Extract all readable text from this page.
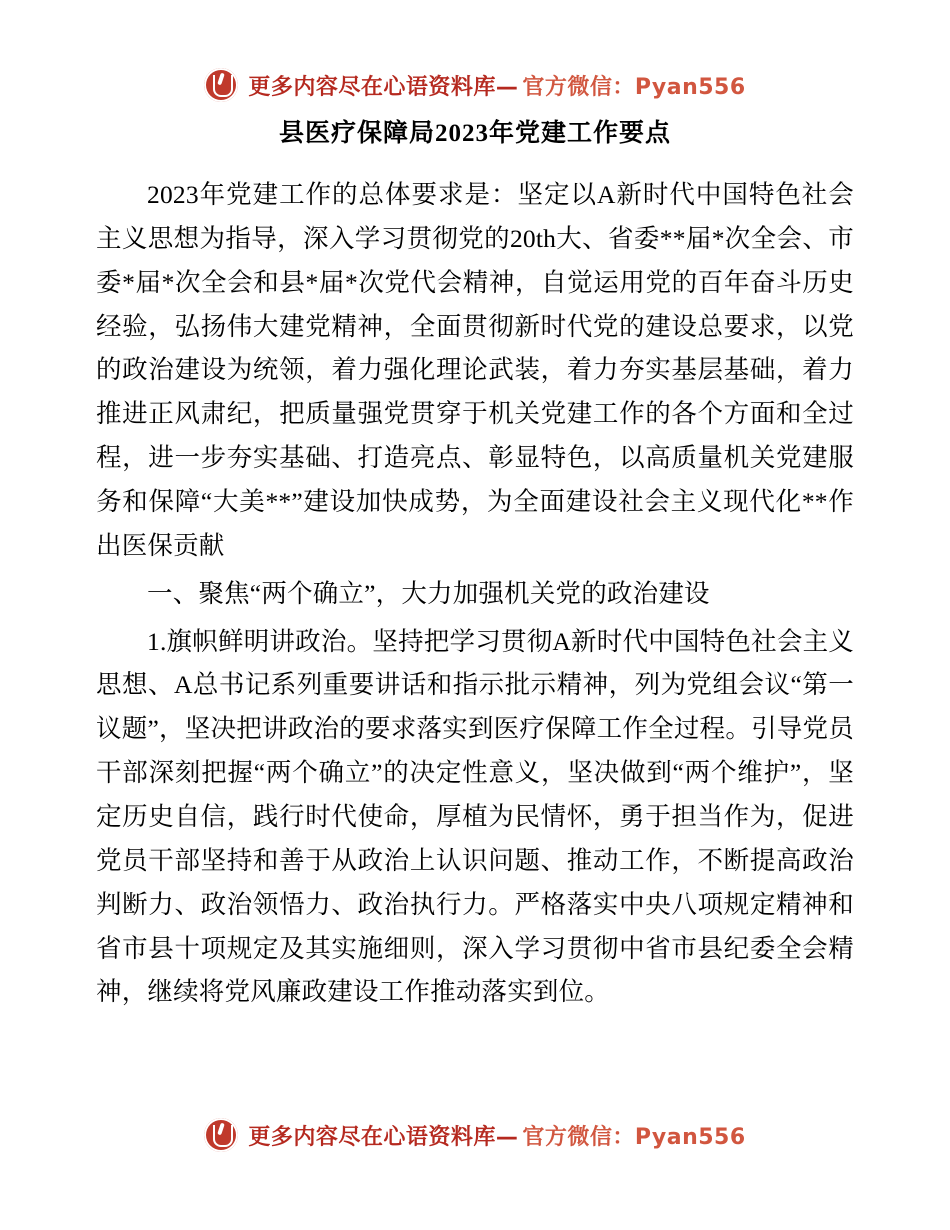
更多内容尽在心语资料库— 官方微信：Pyan556
县医疗保障局2023年党建工作要点

2023年党建工作的总体要求是：坚定以A新时代中国特色社会主义思想为指导，深入学习贯彻党的20th大、省委**届*次全会、市委*届*次全会和县*届*次党代会精神，自觉运用党的百年奋斗历史经验，弘扬伟大建党精神，全面贯彻新时代党的建设总要求，以党的政治建设为统领，着力强化理论武装，着力夯实基层基础，着力推进正风肃纪，把质量强党贯穿于机关党建工作的各个方面和全过程，进一步夯实基础、打造亮点、彰显特色，以高质量机关党建服务和保障“大美**”建设加快成势，为全面建设社会主义现代化**作出医保贡献

一、聚焦“两个确立”，大力加强机关党的政治建设

1.旗帜鲜明讲政治。坚持把学习贯彻A新时代中国特色社会主义思想、A总书记系列重要讲话和指示批示精神，列为党组会议“第一议题”，坚决把讲政治的要求落实到医疗保障工作全过程。引导党员干部深刻把握“两个确立”的决定性意义，坚决做到“两个维护”，坚定历史自信，践行时代使命，厚植为民情怀，勇于担当作为，促进党员干部坚持和善于从政治上认识问题、推动工作，不断提高政治判断力、政治领悟力、政治执行力。严格落实中央八项规定精神和省市县十项规定及其实施细则，深入学习贯彻中省市县纪委全会精神，继续将党风廉政建设工作推动落实到位。

更多内容尽在心语资料库— 官方微信：Pyan556
